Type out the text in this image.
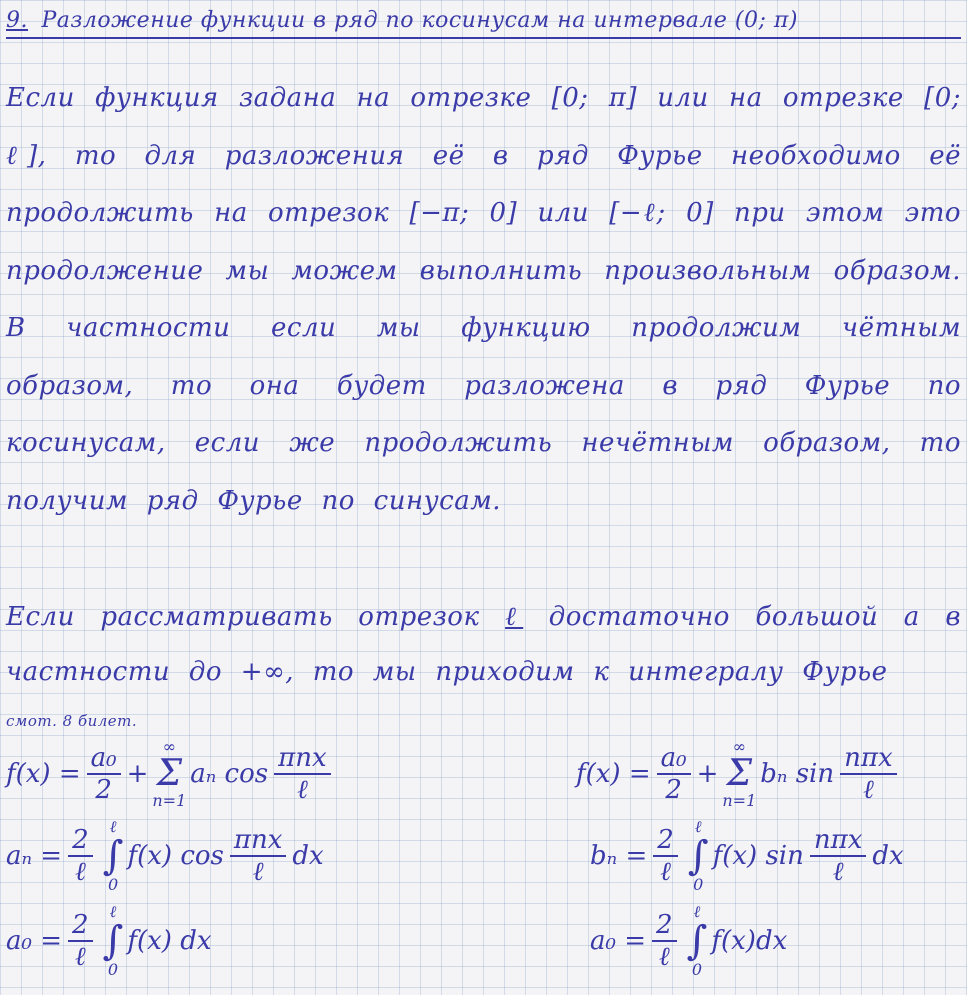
9. Разложение функции в ряд по косинусам на интервале (0; π)

Если функция задана на отрезке [0; π] или на отрезке [0; ℓ], то для разложения её в ряд Фурье необходимо её продолжить на отрезок [−π; 0] или [−ℓ; 0] при этом это продолжение мы можем выполнить произвольным образом. В частности если мы функцию продолжим чётным образом, то она будет разложена в ряд Фурье по косинусам, если же продолжить нечётным образом, то получим ряд Фурье по синусам.

Если рассматривать отрезок ℓ достаточно большой а в частности до +∞, то мы приходим к интегралу Фурье
смот. 8 билет.
$f(x) = \frac{\text{a₀}}{2}$ +
∞
Σ
n=1
aₙ $\cos \frac{\text{πnx}}{\text{ℓ}}$
$a_n = \frac{2}{\text{ℓ}}$ ℓ
∫
0
f(x) $\cos \frac{\text{πnx}}{\text{ℓ}}$ dx
$a_0 = \frac{2}{\text{ℓ}}$ ℓ
∫
0
f(x) dx
$f(x) = \frac{\text{a₀}}{2}$ +
∞
Σ
n=1
bₙ $\sin \frac{\text{nπx}}{\text{ℓ}}$
$b_n = \frac{2}{\text{ℓ}}$ ℓ
∫
0
f(x) $\sin \frac{\text{nπx}}{\text{ℓ}}$ dx
$a_0 = \frac{2}{\text{ℓ}}$ ℓ
∫
0
f(x)dx
